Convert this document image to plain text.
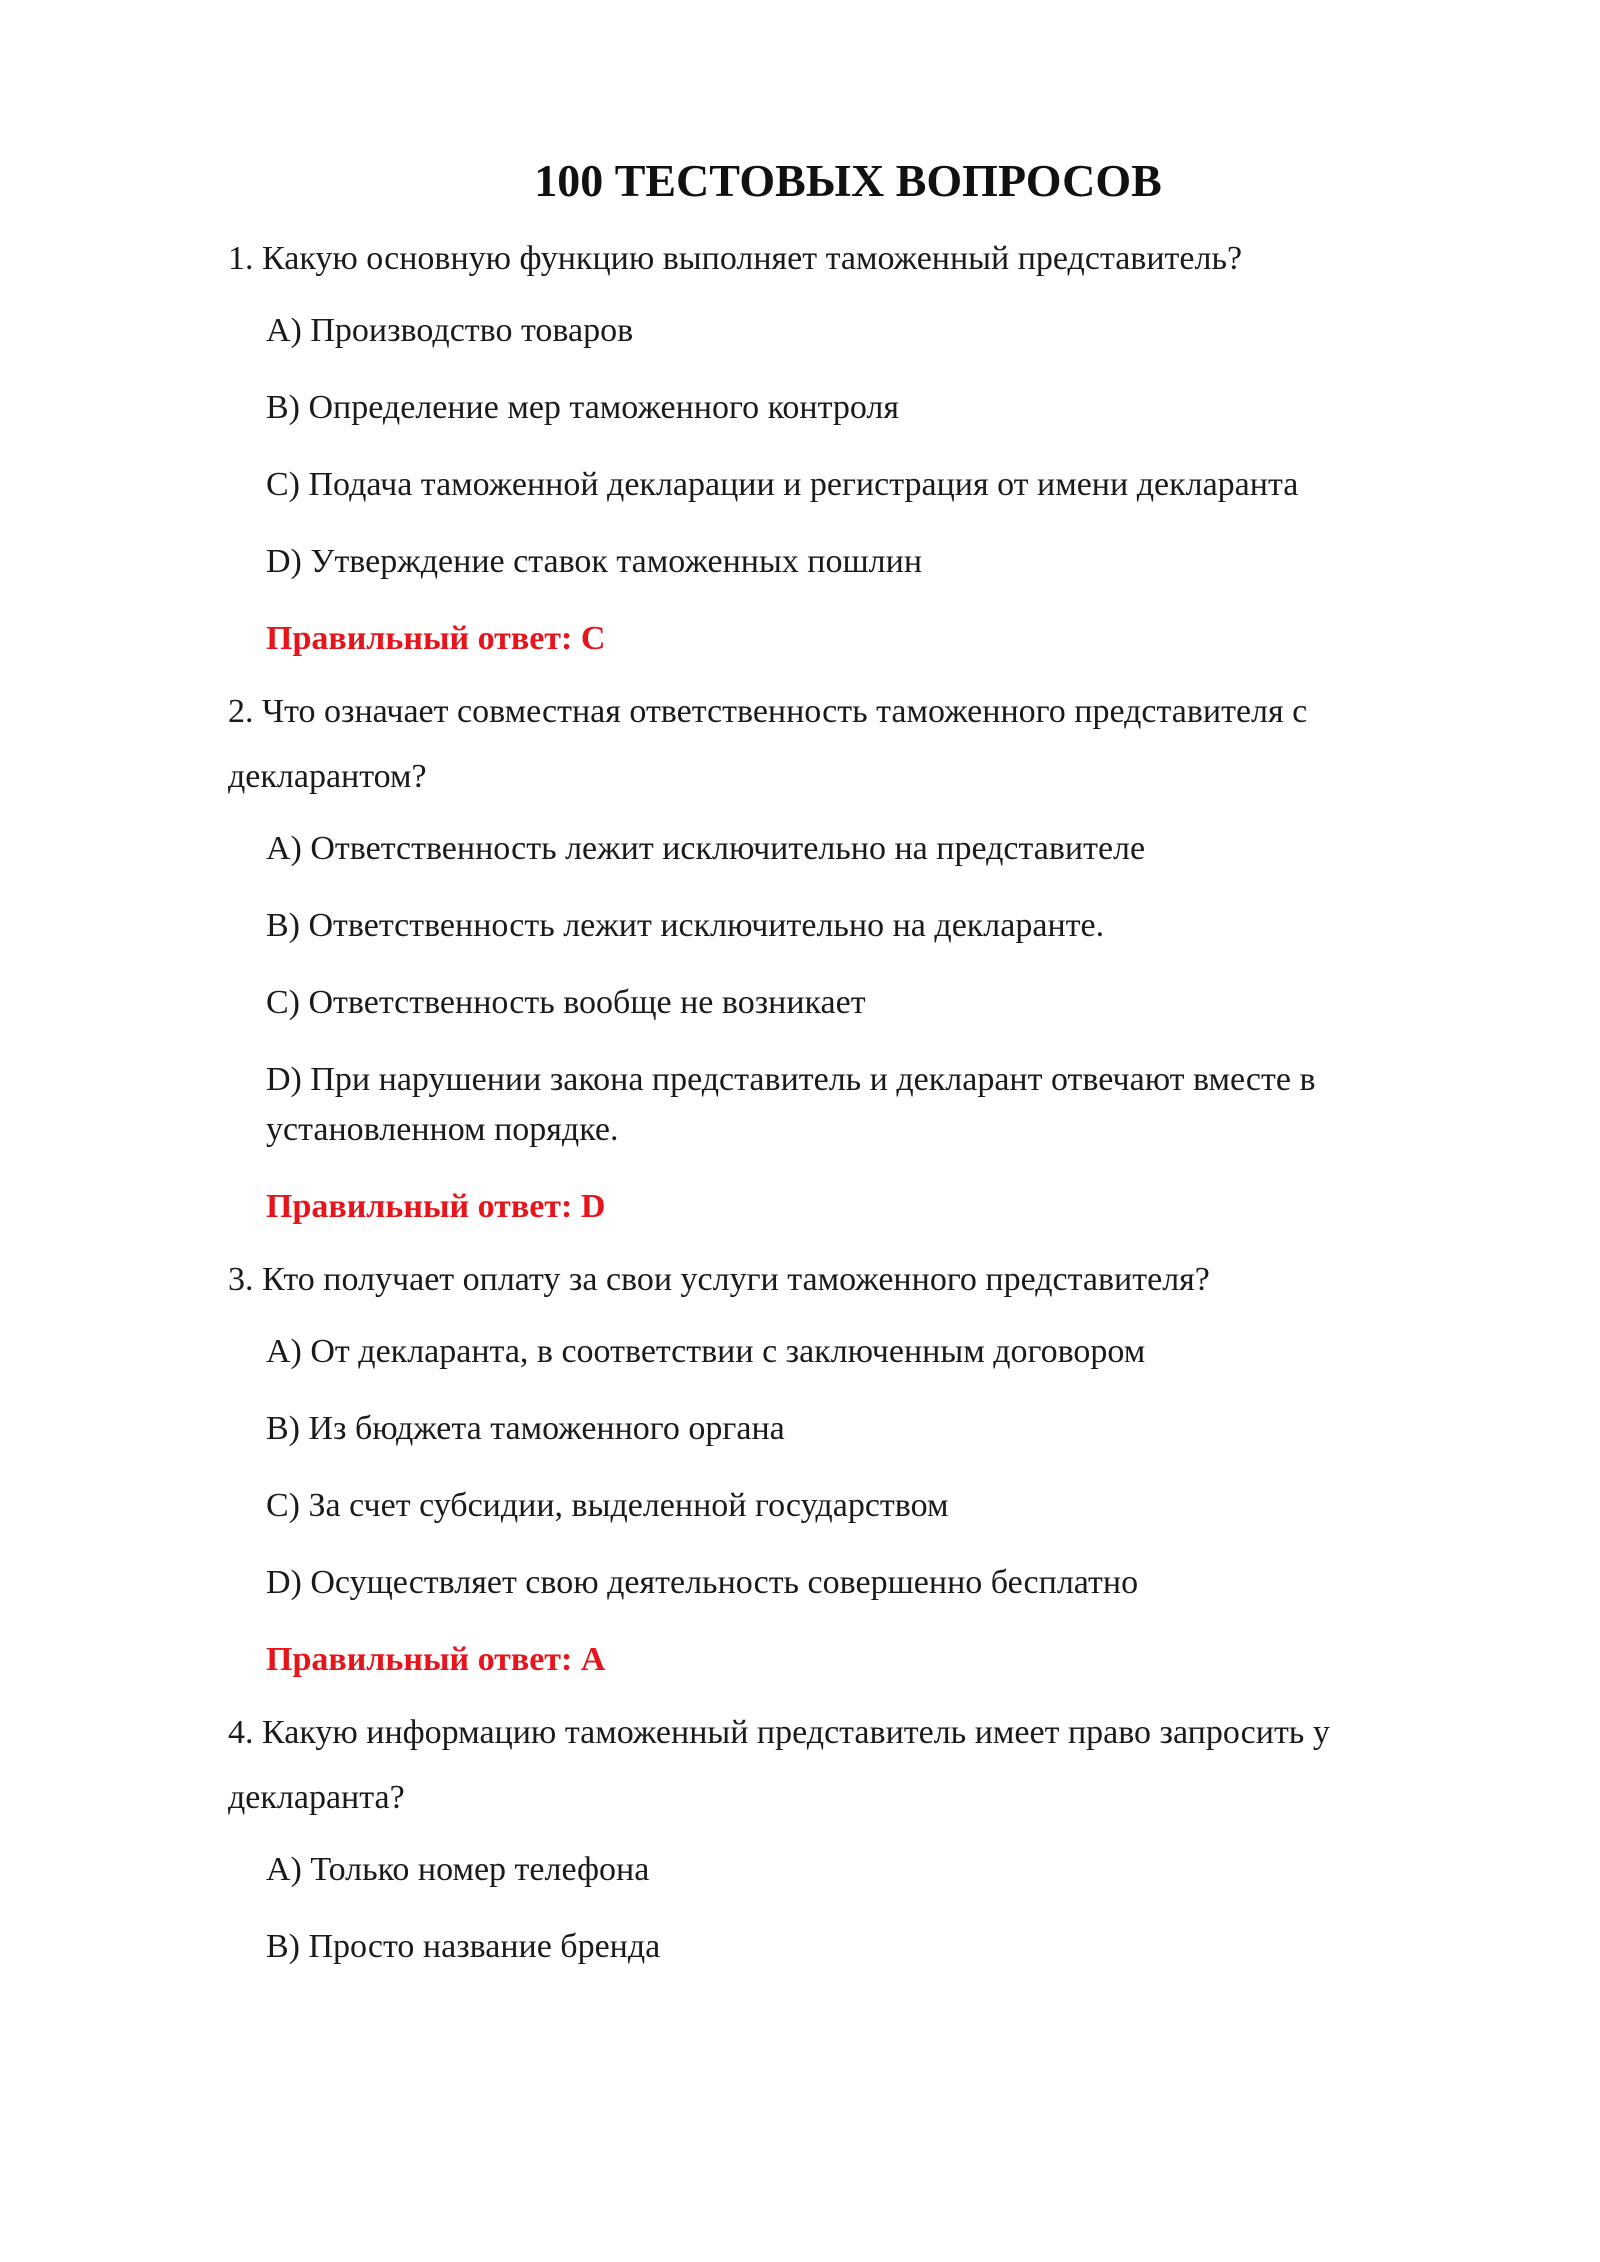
100 ТЕСТОВЫХ ВОПРОСОВ

1. Какую основную функцию выполняет таможенный представитель?

A) Производство товаров
B) Определение мер таможенного контроля
C) Подача таможенной декларации и регистрация от имени декларанта
D) Утверждение ставок таможенных пошлин

Правильный ответ: C

2. Что означает совместная ответственность таможенного представителя с декларантом?

A) Ответственность лежит исключительно на представителе
B) Ответственность лежит исключительно на декларанте.
C) Ответственность вообще не возникает
D) При нарушении закона представитель и декларант отвечают вместе в установленном порядке.

Правильный ответ: D

3. Кто получает оплату за свои услуги таможенного представителя?

A) От декларанта, в соответствии с заключенным договором
B) Из бюджета таможенного органа
C) За счет субсидии, выделенной государством
D) Осуществляет свою деятельность совершенно бесплатно

Правильный ответ: A

4. Какую информацию таможенный представитель имеет право запросить у декларанта?

A) Только номер телефона
B) Просто название бренда
